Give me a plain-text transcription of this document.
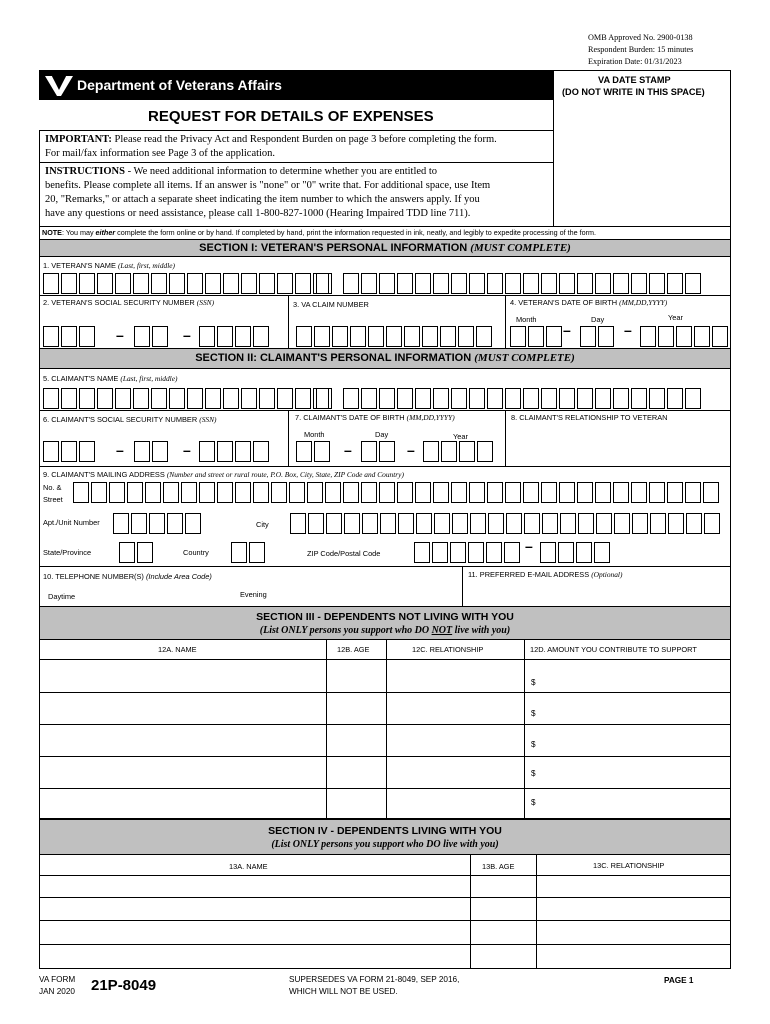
OMB Approved No. 2900-0138
Respondent Burden: 15 minutes
Expiration Date: 01/31/2023
Department of Veterans Affairs	VA DATE STAMP
(DO NOT WRITE IN THIS SPACE)
REQUEST FOR DETAILS OF EXPENSES
IMPORTANT: Please read the Privacy Act and Respondent Burden on page 3 before completing the form.
For mail/fax information see Page 3 of the application.
INSTRUCTIONS - We need additional information to determine whether you are entitled to
benefits. Please complete all items. If an answer is "none" or "0" write that. For additional space, use Item
20, "Remarks," or attach a separate sheet indicating the item number to which the answers apply. If you
have any questions or need assistance, please call 1-800-827-1000 (Hearing Impaired TDD line 711).
NOTE: You may either complete the form online or by hand. If completed by hand, print the information requested in ink, neatly, and legibly to expedite processing of the form.
SECTION I: VETERAN'S PERSONAL INFORMATION (MUST COMPLETE)
1. VETERAN'S NAME (Last, first, middle)
2. VETERAN'S SOCIAL SECURITY NUMBER (SSN)	3. VA CLAIM NUMBER	4. VETERAN'S DATE OF BIRTH (MM,DD,YYYY)
Month	Day	Year
–	–	–	–
SECTION II: CLAIMANT'S PERSONAL INFORMATION (MUST COMPLETE)
5. CLAIMANT'S NAME (Last, first, middle)
6. CLAIMANT'S SOCIAL SECURITY NUMBER (SSN)	7. CLAIMANT'S DATE OF BIRTH (MM,DD,YYYY)	8. CLAIMANT'S RELATIONSHIP TO VETERAN
Month	Day	Year
–	–	–	–
9. CLAIMANT'S MAILING ADDRESS (Number and street or rural route, P.O. Box, City, State, ZIP Code and Country)
No. &
Street
Apt./Unit Number	City
State/Province	Country	ZIP Code/Postal Code	–
10. TELEPHONE NUMBER(S) (Include Area Code)	11. PREFERRED E-MAIL ADDRESS (Optional)
Daytime	Evening
SECTION III - DEPENDENTS NOT LIVING WITH YOU
(List ONLY persons you support who DO NOT live with you)
12A. NAME	12B. AGE	12C. RELATIONSHIP	12D. AMOUNT YOU CONTRIBUTE TO SUPPORT
$
$
$
$
$
SECTION IV - DEPENDENTS LIVING WITH YOU
(List ONLY persons you support who DO live with you)
13A. NAME	13B. AGE	13C. RELATIONSHIP
VA FORM
JAN 2020 21P-8049	SUPERSEDES VA FORM 21-8049, SEP 2016,
WHICH WILL NOT BE USED.
PAGE 1
